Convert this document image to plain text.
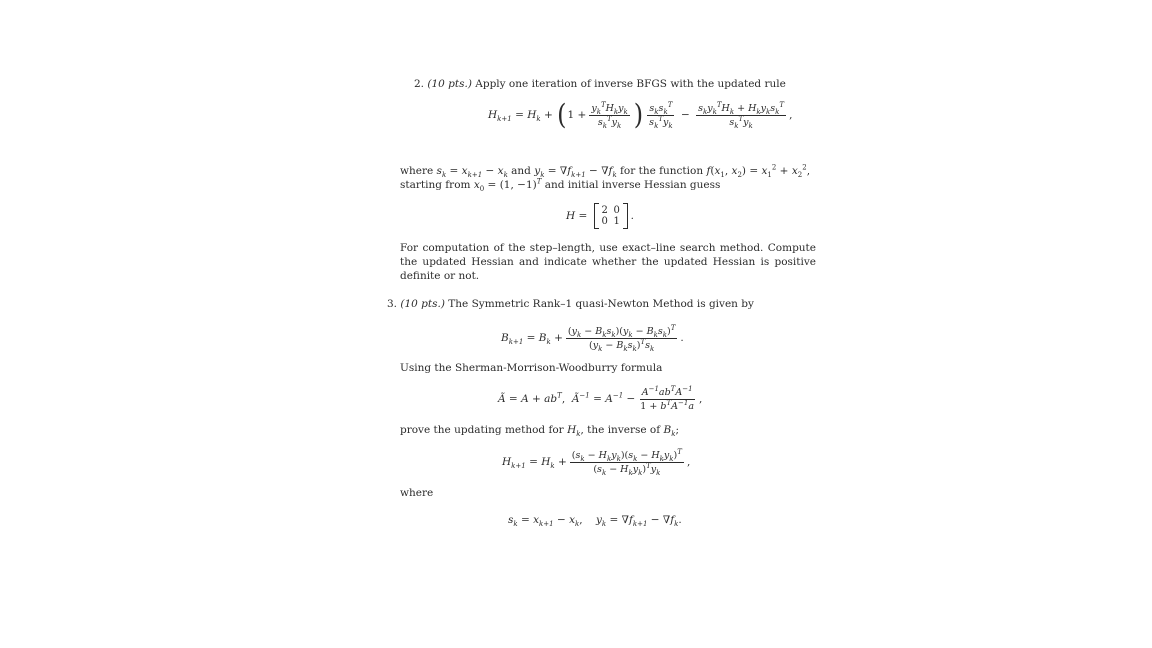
2. (10 pts.) Apply one iteration of inverse BFGS with the updated rule
$H_{k+1} = H_k$ + ( $1 + \frac{y_k^TH_ky_k}{s_k^Ty_k}$ ) $\frac{s_ks_k^T}{s_k^Ty_k} - \frac{s_ky_k^TH_k + H_ky_ks_k^T}{s_k^Ty_k}$ ,
where $s_k = x_{k+1} - x_k$ and $y_k = \nabla f_{k+1} - \nabla f_k$ for the function $f(x_1$, $x_2) = x_1^2 + x_2^2$,
starting from $x_0 = (1$, −1)$^T$ and initial inverse Hessian guess
H = 2 0
0 1 .
For computation of the step–length, use exact–line search method. Compute the updated Hessian and indicate whether the updated Hessian is positive definite or not.
3. (10 pts.) The Symmetric Rank–1 quasi-Newton Method is given by
$B_{k+1} = B_k + \frac{(y_k - B_ks_k)(y_k - B_ks_k)^T}{(y_k - B_ks_k)^Ts_k}$ .
Using the Sherman-Morrison-Woodburry formula
Ã = $A + ab^T$ , $Ã^{-1} = A^{-1} - \frac{A^{-1}ab^TA^{-1}}{1 + b^TA^{-1}a}$ ,
prove the updating method for $H_k$, the inverse of $B_k$;
$H_{k+1} = H_k + \frac{(s_k - H_ky_k)(s_k - H_ky_k)^T}{(s_k - H_ky_k)^Ty_k}$ ,
where
$s_k = x_{k+1} - x_k$ , $y_k$ = ∇ $f_{k+1}$ − ∇ $f_k$ .
